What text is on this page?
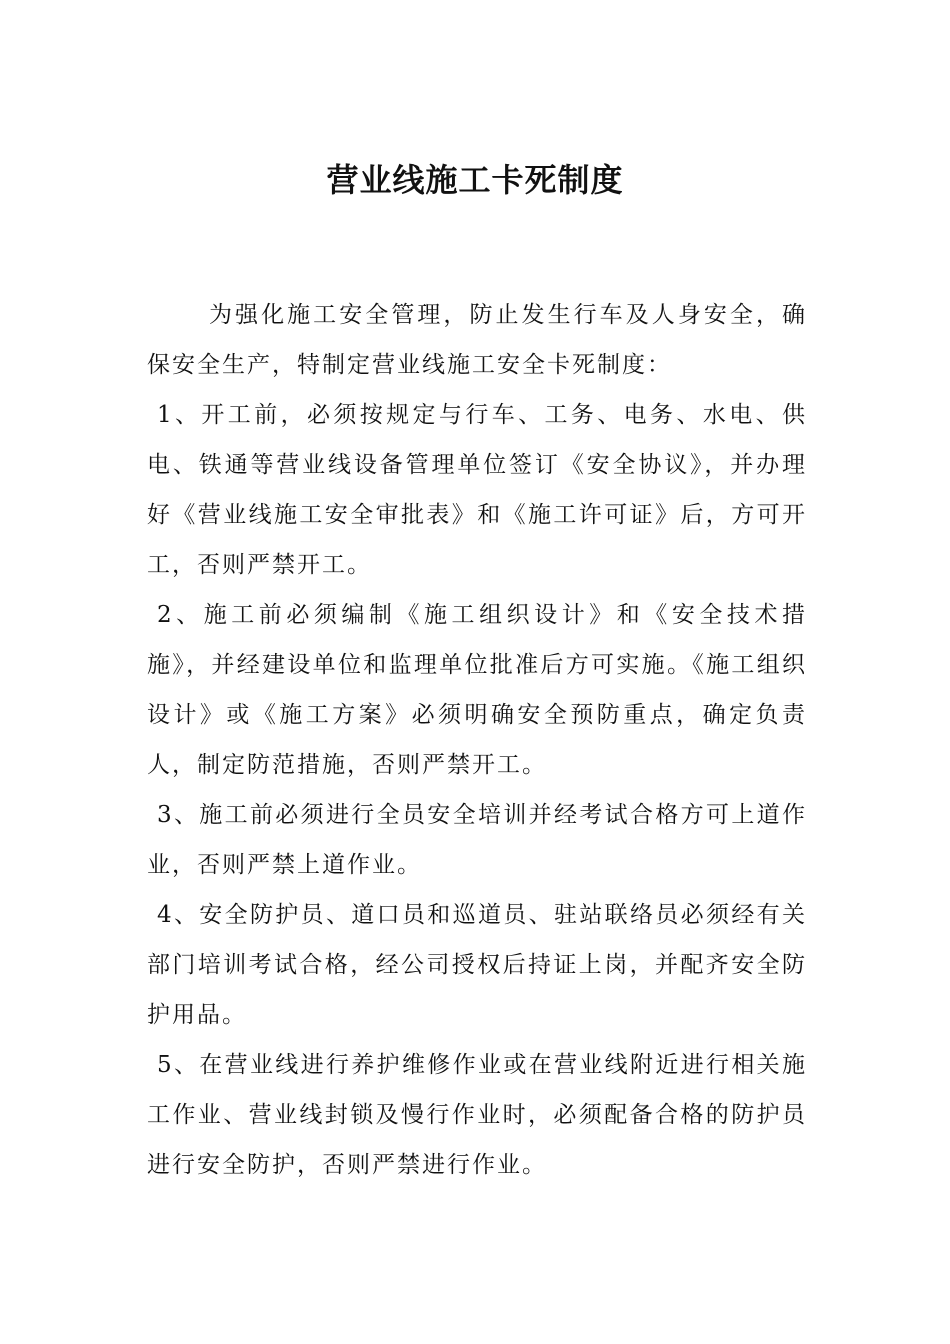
营业线施工卡死制度

为强化施工安全管理，防止发生行车及人身安全，确保安全生产，特制定营业线施工安全卡死制度：

1、开工前，必须按规定与行车、工务、电务、水电、供电、铁通等营业线设备管理单位签订《安全协议》，并办理好《营业线施工安全审批表》和《施工许可证》后，方可开工，否则严禁开工。

2、施工前必须编制《施工组织设计》和《安全技术措施》，并经建设单位和监理单位批准后方可实施。《施工组织设计》或《施工方案》必须明确安全预防重点，确定负责人，制定防范措施，否则严禁开工。

3、施工前必须进行全员安全培训并经考试合格方可上道作业，否则严禁上道作业。

4、安全防护员、道口员和巡道员、驻站联络员必须经有关部门培训考试合格，经公司授权后持证上岗，并配齐安全防护用品。

5、在营业线进行养护维修作业或在营业线附近进行相关施工作业、营业线封锁及慢行作业时，必须配备合格的防护员进行安全防护，否则严禁进行作业。
